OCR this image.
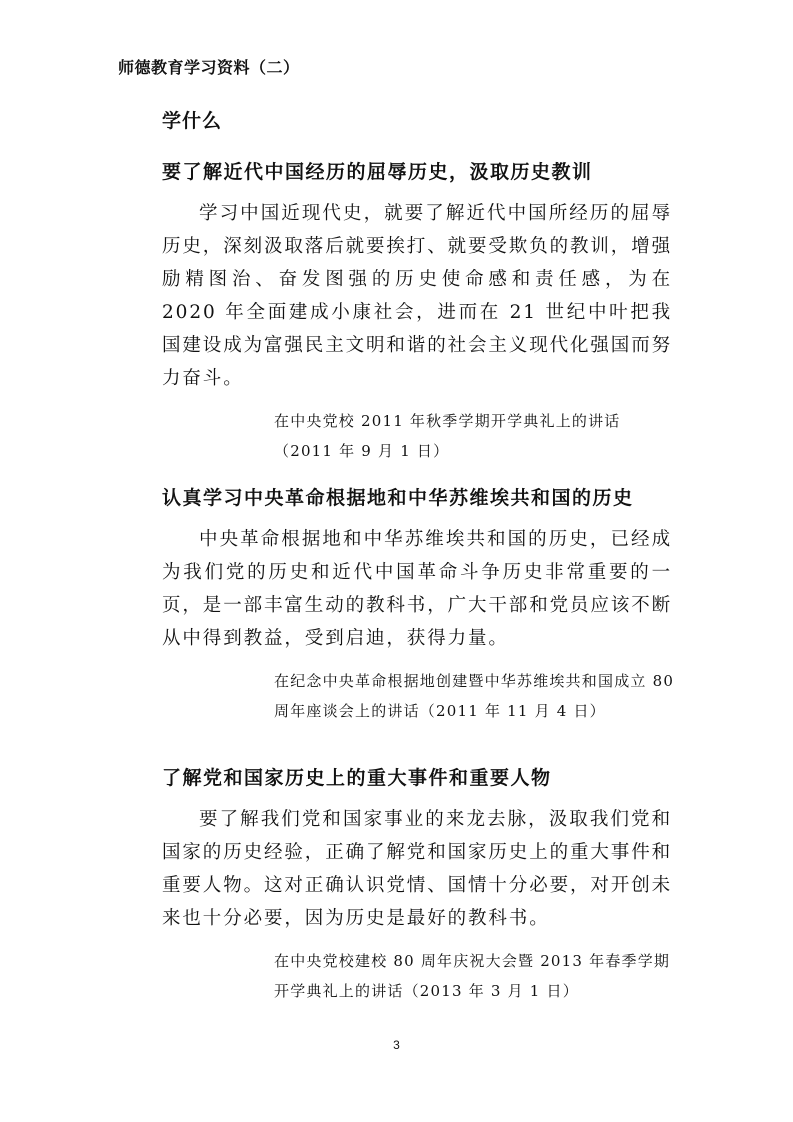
师德教育学习资料（二）
学什么
要了解近代中国经历的屈辱历史，汲取历史教训
学习中国近现代史，就要了解近代中国所经历的屈辱历史，深刻汲取落后就要挨打、就要受欺负的教训，增强励精图治、奋发图强的历史使命感和责任感，为在 2020 年全面建成小康社会，进而在 21 世纪中叶把我国建设成为富强民主文明和谐的社会主义现代化强国而努力奋斗。
在中央党校 2011 年秋季学期开学典礼上的讲话（2011 年 9 月 1 日）
认真学习中央革命根据地和中华苏维埃共和国的历史
中央革命根据地和中华苏维埃共和国的历史，已经成为我们党的历史和近代中国革命斗争历史非常重要的一页，是一部丰富生动的教科书，广大干部和党员应该不断从中得到教益，受到启迪，获得力量。
在纪念中央革命根据地创建暨中华苏维埃共和国成立 80 周年座谈会上的讲话（2011 年 11 月 4 日）
了解党和国家历史上的重大事件和重要人物
要了解我们党和国家事业的来龙去脉，汲取我们党和国家的历史经验，正确了解党和国家历史上的重大事件和重要人物。这对正确认识党情、国情十分必要，对开创未来也十分必要，因为历史是最好的教科书。
在中央党校建校 80 周年庆祝大会暨 2013 年春季学期开学典礼上的讲话（2013 年 3 月 1 日）
3
